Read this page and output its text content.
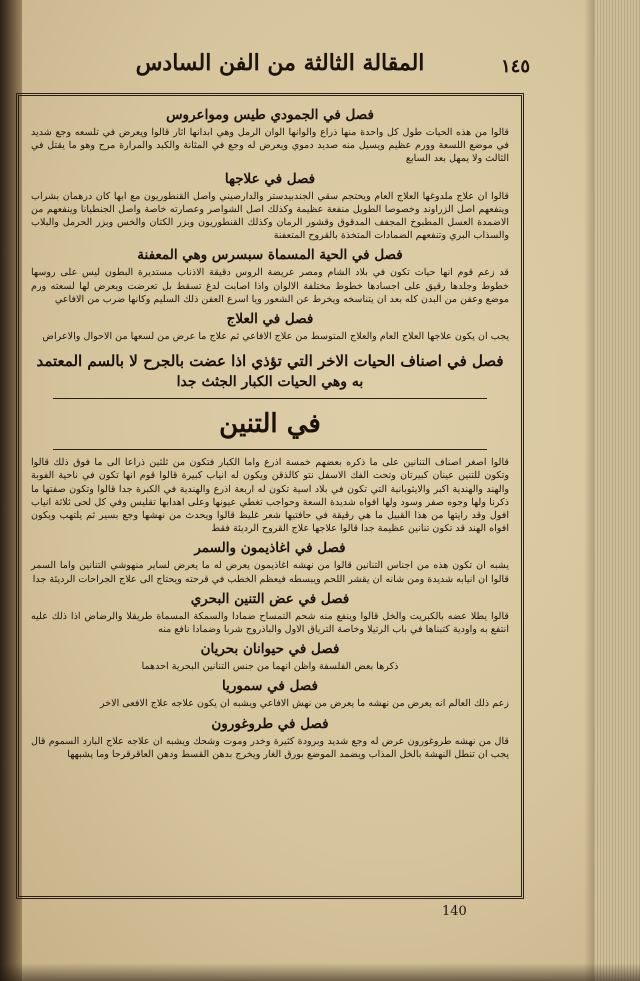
المقالة الثالثة من الفن السادس	١٤٥
فصل في الجمودي طيس ومواعروس
قالوا من هذه الحيات طول كل واحدة منها ذراع والوانها الوان الرمل وهي ابدانها اثار قالوا ويعرض في تلسعه وجع شديد في موضع اللسعة وورم عظيم ويسيل منه صديد دموي ويعرض له وجع في المثانة والكبد والمرارة مرح وهو ما يقتل في الثالث ولا يمهل بعد السابع
فصل في علاجها
قالوا ان علاج ملدوغها العلاج العام ويحتجم سقي الجندبيدستر والدارصيني واصل القنطوريون مع ابها كان درهمان بشراب وينفعهم اصل الزراوند وخصوصا الطويل منفعة عظيمة وكذلك اصل الشواصر وعصارته خاصة واصل الجنطيانا وينفعهم من الاضمدة العسل المطبوخ المجفف المدقوق وقشور الرمان وكذلك القنطوريون وبزر الكتان والخس وبزر الحرمل والبلاب والسذاب البري وتنفعهم الضمادات المتخذة بالقروح المتعفنة
فصل في الحية المسماة سبسرس وهي المعفنة
قد زعم قوم انها حيات تكون في بلاد الشام ومصر عريضة الروس دقيقة الاذناب مستديرة البطون ليس على روسها خطوط وجلدها رقيق على اجسادها خطوط مختلفة الالوان واذا اصابت لدغ تسقط بل تعرضت ويعرض لها لسعته ورم موضع وعفن من البدن كله بعد ان يتناسخه ويخرط عن الشعور ويا اسرع العفن ذلك السليم وكانها ضرب من الافاعي
فصل في العلاج
يجب ان يكون علاجها العلاج العام والعلاج المتوسط من علاج الافاعي ثم علاج ما عرض من لسعها من الاحوال والاعراض
فصل في اصناف الحيات الاخر التي تؤذي اذا عضت بالجرح لا بالسم المعتمد
به وهي الحيات الكبار الجثث جدا
في التنين
قالوا اصغر اصناف التنانين على ما ذكره بعضهم خمسة اذرع واما الكبار فتكون من ثلثين ذراعا الى ما فوق ذلك قالوا وتكون للتنين عينان كبيرتان وتحت الفك الاسفل نتو كالذقن ويكون له انياب كبيرة قالوا قوم انها تكون في ناحية الفوبة والهند والهندية اكبر والايثوبانية التي تكون في بلاد اسية تكون له اربعة اذرع والهندية في الكبرة جدا قالوا وتكون صفتها ما ذكرنا ولها وجوه صفر وسود ولها افواه شديدة السعة وحواجب تغطي عيونها وعلى اهدابها تقليس وفي كل لحى ثلاثة انياب افول وقد رايتها من هذا القبيل ما هي رقيقة في حافتيها شعر غليظ قالوا ويحدث من نهشها وجع بسير ثم يلتهب ويكون افواه الهند قد تكون تنانين عظيمة جدا قالوا علاجها علاج القروح الرديئة فقط
فصل في اغاذيمون والسمر
يشبه ان تكون هذه من اجناس التنانين قالوا من نهشه اغاذيمون يعرض له ما يعرض لساير منهوشي التنانين واما السمر قالوا ان انيابه شديدة ومن شانه ان يقشر اللحم ويبسطه فيعظم الخطب في قرحته ويحتاج الى علاج الجراحات الرديئة جدا
فصل في عض التنين البحري
قالوا يطلا عضه بالكبريت والخل قالوا وينفع منه شحم التمساح ضمادا والسمكة المسماة طريقلا والرضاض اذا ذلك عليه انتفع به واودية كتبناها في باب الرتيلا وخاصة الترياق الاول والباذروج شربا وضمادا نافع منه
فصل في حيوانان بحريان
ذكرها بعض الفلسفة واظن انهما من جنس التنانين البحرية احدهما
فصل في سموريا
زعم ذلك العالم انه يعرض من نهشه ما يعرض من نهش الافاعي ويشبه ان يكون علاجه علاج الافعى الاخر
فصل في طروغورون
قال من نهشه طروغورون عرض له وجع شديد وبرودة كثيرة وخدر وموت وشحك ويشبه ان علاجه علاج البارد السموم قال يجب ان تنطل النهشة بالخل المذاب ويضمد الموضع بورق الغار ويخرج بدهن القسط ودهن العاقرقرحا وما يشبهها
140
